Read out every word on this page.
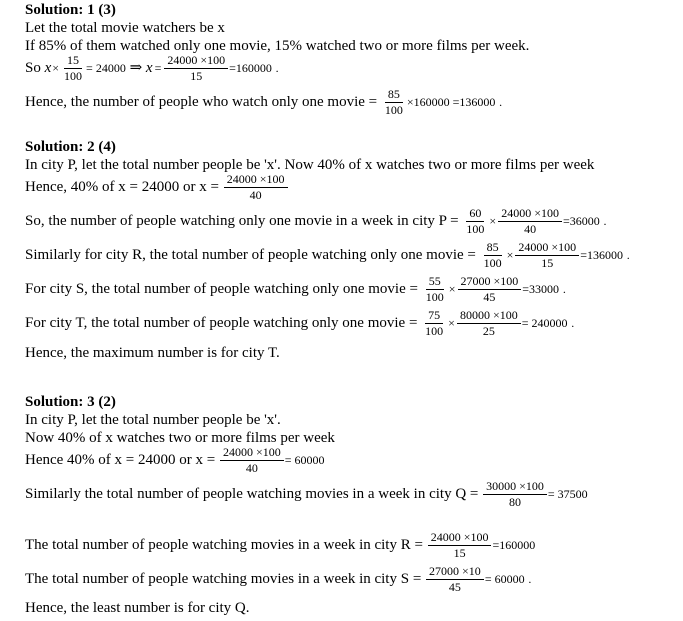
Solution: 1 (3)
Let the total movie watchers be x
If 85% of them watched only one movie, 15% watched two or more films per week.
So
$x \times \frac{15}{100} = 24000$
⇒
$x = \frac{24000 \times 100}{15} =160000$
.
Hence, the number of people who watch only one movie =
$\frac{85}{100} \times 160000 =136000$
.
Solution: 2 (4)
In city P, let the total number people be 'x'. Now 40% of x watches two or more films per week
Hence, 40% of x = 24000 or x =
$\frac{24000 \times 100}{40}$
So, the number of people watching only one movie in a week in city P =
$\frac{60}{100} \times \frac{24000 \times 100}{40} =36000$
.
Similarly for city R, the total number of people watching only one movie =
$\frac{85}{100} \times \frac{24000 \times 100}{15} =136000$
.
For city S, the total number of people watching only one movie =
$\frac{55}{100} \times \frac{27000 \times 100}{45} =33000$
.
For city T, the total number of people watching only one movie =
$\frac{75}{100} \times \frac{80000 \times 100}{25} = 240000$
.
Hence, the maximum number is for city T.
Solution: 3 (2)
In city P, let the total number people be 'x'.
Now 40% of x watches two or more films per week
Hence 40% of x = 24000 or x =
$\frac{24000 \times 100}{40} = 60000$
Similarly the total number of people watching movies in a week in city Q =
$\frac{30000 \times 100}{80} = 37500$
The total number of people watching movies in a week in city R =
$\frac{24000 \times 100}{15} =160000$
The total number of people watching movies in a week in city S =
$\frac{27000 \times 10}{45} = 60000$
.
Hence, the least number is for city Q.
